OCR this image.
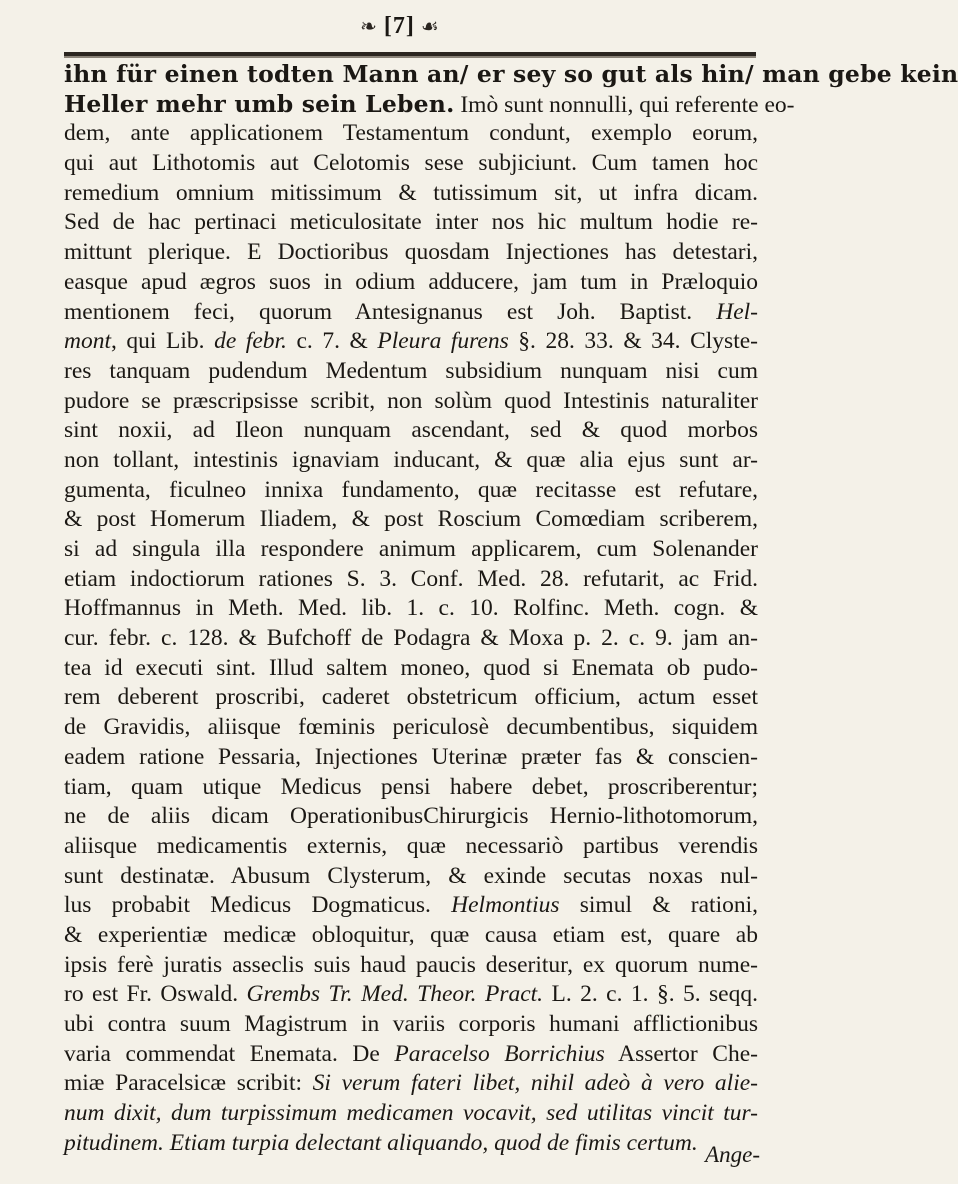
❧ [7] ☙
ihn für einen todten Mann an/ er sey so gut als hin/ man gebe kein
Heller mehr umb sein Leben. Imò sunt nonnulli, qui referente eo-
dem, ante applicationem Testamentum condunt, exemplo eorum,
qui aut Lithotomis aut Celotomis sese subjiciunt. Cum tamen hoc
remedium omnium mitissimum & tutissimum sit, ut infra dicam.
Sed de hac pertinaci meticulositate inter nos hic multum hodie re-
mittunt plerique. E Doctioribus quosdam Injectiones has detestari,
easque apud ægros suos in odium adducere, jam tum in Præloquio
mentionem feci, quorum Antesignanus est Joh. Baptist. Hel-
mont, qui Lib. de febr. c. 7. & Pleura furens §. 28. 33. & 34. Clyste-
res tanquam pudendum Medentum subsidium nunquam nisi cum
pudore se præscripsisse scribit, non solùm quod Intestinis naturaliter
sint noxii, ad Ileon nunquam ascendant, sed & quod morbos
non tollant, intestinis ignaviam inducant, & quæ alia ejus sunt ar-
gumenta, ficulneo innixa fundamento, quæ recitasse est refutare,
& post Homerum Iliadem, & post Roscium Comœdiam scriberem,
si ad singula illa respondere animum applicarem, cum Solenander
etiam indoctiorum rationes S. 3. Conf. Med. 28. refutarit, ac Frid.
Hoffmannus in Meth. Med. lib. 1. c. 10. Rolfinc. Meth. cogn. &
cur. febr. c. 128. & Bufchoff de Podagra & Moxa p. 2. c. 9. jam an-
tea id executi sint. Illud saltem moneo, quod si Enemata ob pudo-
rem deberent proscribi, caderet obstetricum officium, actum esset
de Gravidis, aliisque fœminis periculosè decumbentibus, siquidem
eadem ratione Pessaria, Injectiones Uterinæ præter fas & conscien-
tiam, quam utique Medicus pensi habere debet, proscriberentur;
ne de aliis dicam OperationibusChirurgicis Hernio-lithotomorum,
aliisque medicamentis externis, quæ necessariò partibus verendis
sunt destinatæ. Abusum Clysterum, & exinde secutas noxas nul-
lus probabit Medicus Dogmaticus. Helmontius simul & rationi,
& experientiæ medicæ obloquitur, quæ causa etiam est, quare ab
ipsis ferè juratis asseclis suis haud paucis deseritur, ex quorum nume-
ro est Fr. Oswald. Grembs Tr. Med. Theor. Pract. L. 2. c. 1. §. 5. seqq.
ubi contra suum Magistrum in variis corporis humani afflictionibus
varia commendat Enemata. De Paracelso Borrichius Assertor Che-
miæ Paracelsicæ scribit: Si verum fateri libet, nihil adeò à vero alie-
num dixit, dum turpissimum medicamen vocavit, sed utilitas vincit tur-
pitudinem. Etiam turpia delectant aliquando, quod de fimis certum. Ange-
